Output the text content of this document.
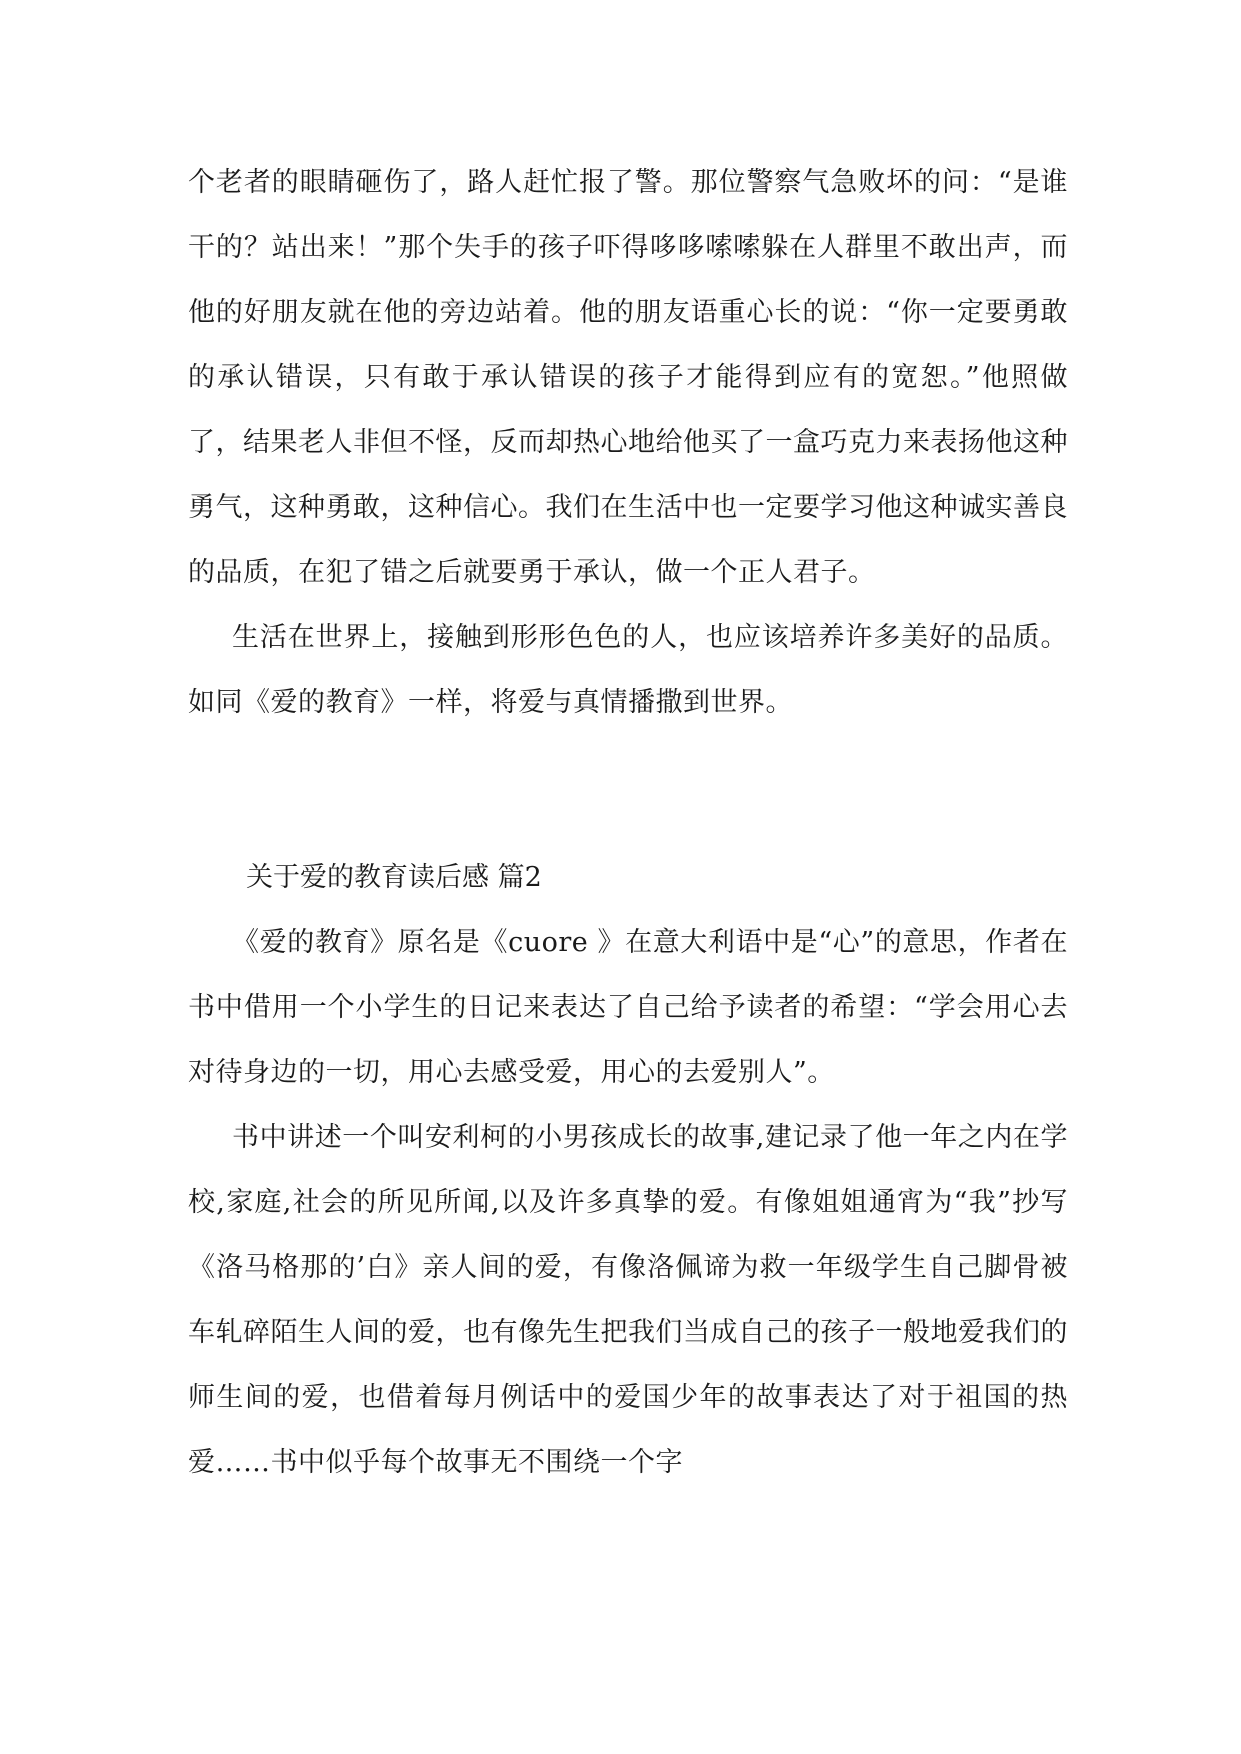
个老者的眼睛砸伤了，路人赶忙报了警。那位警察气急败坏的问：“是谁干的？站出来！”那个失手的孩子吓得哆哆嗦嗦躲在人群里不敢出声，而他的好朋友就在他的旁边站着。他的朋友语重心长的说：“你一定要勇敢的承认错误，只有敢于承认错误的孩子才能得到应有的宽恕。”他照做了，结果老人非但不怪，反而却热心地给他买了一盒巧克力来表扬他这种勇气，这种勇敢，这种信心。我们在生活中也一定要学习他这种诚实善良的品质，在犯了错之后就要勇于承认，做一个正人君子。

生活在世界上，接触到形形色色的人，也应该培养许多美好的品质。如同《爱的教育》一样，将爱与真情播撒到世界。

关于爱的教育读后感 篇2

《爱的教育》原名是《cuore 》在意大利语中是“心”的意思，作者在书中借用一个小学生的日记来表达了自己给予读者的希望：“学会用心去对待身边的一切，用心去感受爱，用心的去爱别人”。

书中讲述一个叫安利柯的小男孩成长的故事,建记录了他一年之内在学校,家庭,社会的所见所闻,以及许多真挚的爱。有像姐姐通宵为“我”抄写《洛马格那的’白》亲人间的爱，有像洛佩谛为救一年级学生自己脚骨被车轧碎陌生人间的爱，也有像先生把我们当成自己的孩子一般地爱我们的师生间的爱，也借着每月例话中的爱国少年的故事表达了对于祖国的热爱……书中似乎每个故事无不围绕一个字
